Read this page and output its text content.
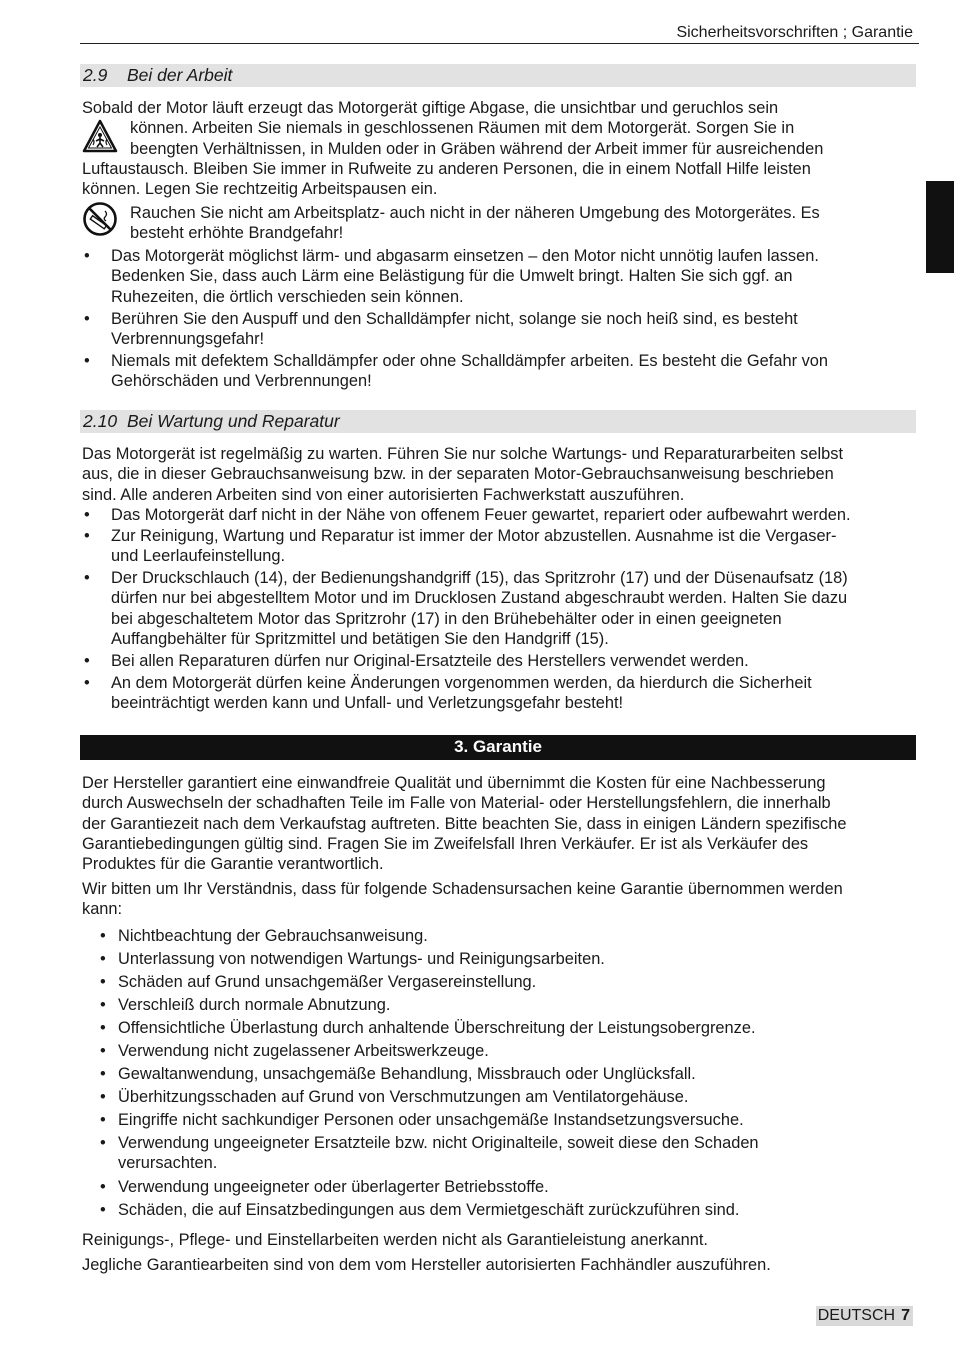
Sicherheitsvorschriften ; Garantie
2.9 Bei der Arbeit
Sobald der Motor läuft erzeugt das Motorgerät giftige Abgase, die unsichtbar und geruchlos sein
können. Arbeiten Sie niemals in geschlossenen Räumen mit dem Motorgerät. Sorgen Sie in
beengten Verhältnissen, in Mulden oder in Gräben während der Arbeit immer für ausreichenden
Luftaustausch. Bleiben Sie immer in Rufweite zu anderen Personen, die in einem Notfall Hilfe leisten
können. Legen Sie rechtzeitig Arbeitspausen ein.
Rauchen Sie nicht am Arbeitsplatz- auch nicht in der näheren Umgebung des Motorgerätes. Es
besteht erhöhte Brandgefahr!
• Das Motorgerät möglichst lärm- und abgasarm einsetzen – den Motor nicht unnötig laufen lassen.
Bedenken Sie, dass auch Lärm eine Belästigung für die Umwelt bringt. Halten Sie sich ggf. an
Ruhezeiten, die örtlich verschieden sein können.
• Berühren Sie den Auspuff und den Schalldämpfer nicht, solange sie noch heiß sind, es besteht
Verbrennungsgefahr!
• Niemals mit defektem Schalldämpfer oder ohne Schalldämpfer arbeiten. Es besteht die Gefahr von
Gehörschäden und Verbrennungen!
2.10 Bei Wartung und Reparatur
Das Motorgerät ist regelmäßig zu warten. Führen Sie nur solche Wartungs- und Reparaturarbeiten selbst
aus, die in dieser Gebrauchsanweisung bzw. in der separaten Motor-Gebrauchsanweisung beschrieben
sind. Alle anderen Arbeiten sind von einer autorisierten Fachwerkstatt auszuführen.
• Das Motorgerät darf nicht in der Nähe von offenem Feuer gewartet, repariert oder aufbewahrt werden.
• Zur Reinigung, Wartung und Reparatur ist immer der Motor abzustellen. Ausnahme ist die Vergaser-
und Leerlaufeinstellung.
• Der Druckschlauch (14), der Bedienungshandgriff (15), das Spritzrohr (17) und der Düsenaufsatz (18)
dürfen nur bei abgestelltem Motor und im Drucklosen Zustand abgeschraubt werden. Halten Sie dazu
bei abgeschaltetem Motor das Spritzrohr (17) in den Brühebehälter oder in einen geeigneten
Auffangbehälter für Spritzmittel und betätigen Sie den Handgriff (15).
• Bei allen Reparaturen dürfen nur Original-Ersatzteile des Herstellers verwendet werden.
• An dem Motorgerät dürfen keine Änderungen vorgenommen werden, da hierdurch die Sicherheit
beeinträchtigt werden kann und Unfall- und Verletzungsgefahr besteht!
3. Garantie
Der Hersteller garantiert eine einwandfreie Qualität und übernimmt die Kosten für eine Nachbesserung
durch Auswechseln der schadhaften Teile im Falle von Material- oder Herstellungsfehlern, die innerhalb
der Garantiezeit nach dem Verkaufstag auftreten. Bitte beachten Sie, dass in einigen Ländern spezifische
Garantiebedingungen gültig sind. Fragen Sie im Zweifelsfall Ihren Verkäufer. Er ist als Verkäufer des
Produktes für die Garantie verantwortlich.
Wir bitten um Ihr Verständnis, dass für folgende Schadensursachen keine Garantie übernommen werden
kann:
• Nichtbeachtung der Gebrauchsanweisung.
• Unterlassung von notwendigen Wartungs- und Reinigungsarbeiten.
• Schäden auf Grund unsachgemäßer Vergasereinstellung.
• Verschleiß durch normale Abnutzung.
• Offensichtliche Überlastung durch anhaltende Überschreitung der Leistungsobergrenze.
• Verwendung nicht zugelassener Arbeitswerkzeuge.
• Gewaltanwendung, unsachgemäße Behandlung, Missbrauch oder Unglücksfall.
• Überhitzungsschaden auf Grund von Verschmutzungen am Ventilatorgehäuse.
• Eingriffe nicht sachkundiger Personen oder unsachgemäße Instandsetzungsversuche.
• Verwendung ungeeigneter Ersatzteile bzw. nicht Originalteile, soweit diese den Schaden
verursachten.
• Verwendung ungeeigneter oder überlagerter Betriebsstoffe.
• Schäden, die auf Einsatzbedingungen aus dem Vermietgeschäft zurückzuführen sind.
Reinigungs-, Pflege- und Einstellarbeiten werden nicht als Garantieleistung anerkannt.
Jegliche Garantiearbeiten sind von dem vom Hersteller autorisierten Fachhändler auszuführen.
DEUTSCH 7
